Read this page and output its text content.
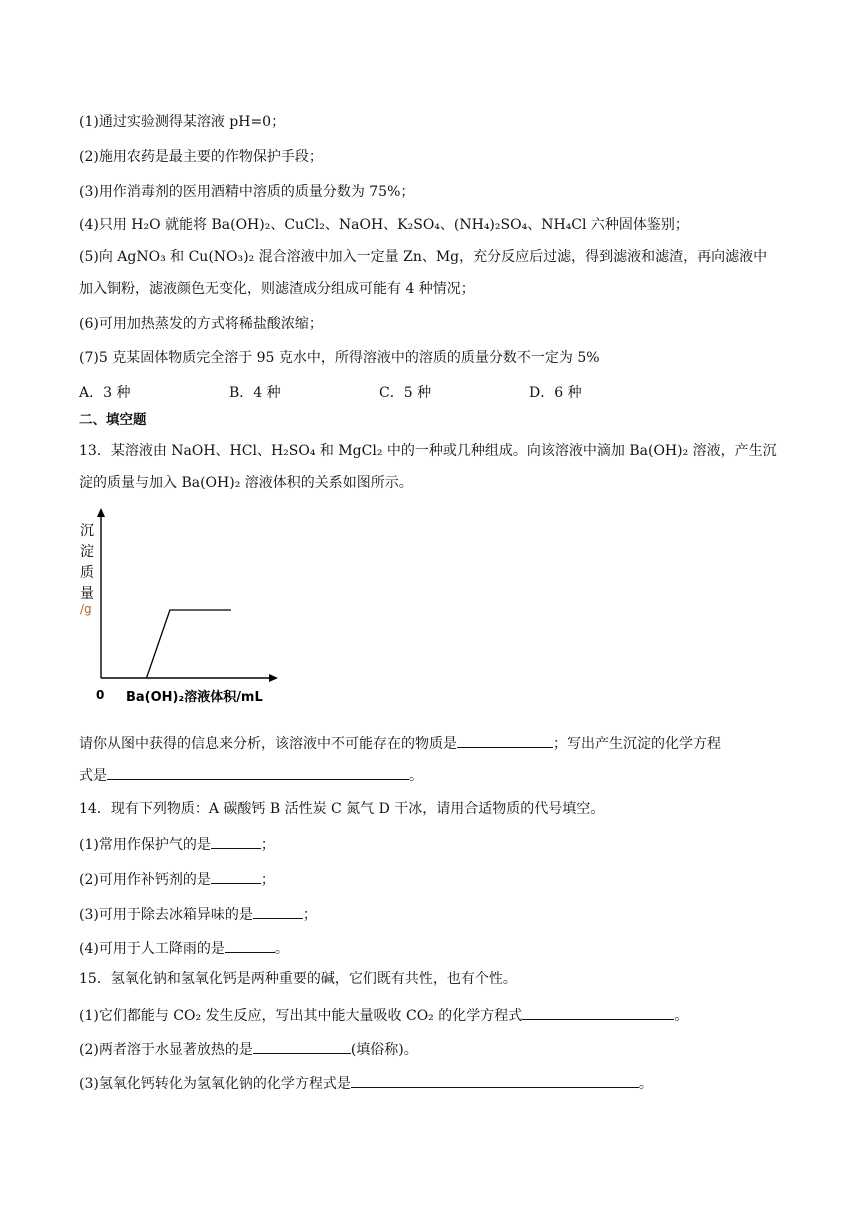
(1)通过实验测得某溶液 pH=0；
(2)施用农药是最主要的作物保护手段；
(3)用作消毒剂的医用酒精中溶质的质量分数为 75%；
(4)只用 H₂O 就能将 Ba(OH)₂、CuCl₂、NaOH、K₂SO₄、(NH₄)₂SO₄、NH₄Cl 六种固体鉴别；
(5)向 AgNO₃ 和 Cu(NO₃)₂ 混合溶液中加入一定量 Zn、Mg，充分反应后过滤，得到滤液和滤渣，再向滤液中
加入铜粉，滤液颜色无变化，则滤渣成分组成可能有 4 种情况；
(6)可用加热蒸发的方式将稀盐酸浓缩；
(7)5 克某固体物质完全溶于 95 克水中，所得溶液中的溶质的质量分数不一定为 5%
A．3 种	B．4 种	C．5 种	D．6 种
二、填空题
13．某溶液由 NaOH、HCl、H₂SO₄ 和 MgCl₂ 中的一种或几种组成。向该溶液中滴加 Ba(OH)₂ 溶液，产生沉
淀的质量与加入 Ba(OH)₂ 溶液体积的关系如图所示。
沉
淀
质
量
/g
0 Ba(OH)₂溶液体积/mL
请你从图中获得的信息来分析，该溶液中不可能存在的物质是	；写出产生沉淀的化学方程
式是	。
14．现有下列物质：A 碳酸钙 B 活性炭 C 氮气 D 干冰，请用合适物质的代号填空。
(1)常用作保护气的是	；
(2)可用作补钙剂的是	；
(3)可用于除去冰箱异味的是	；
(4)可用于人工降雨的是	。
15．氢氧化钠和氢氧化钙是两种重要的碱，它们既有共性，也有个性。
(1)它们都能与 CO₂ 发生反应，写出其中能大量吸收 CO₂ 的化学方程式	。
(2)两者溶于水显著放热的是	(填俗称)。
(3)氢氧化钙转化为氢氧化钠的化学方程式是	。
